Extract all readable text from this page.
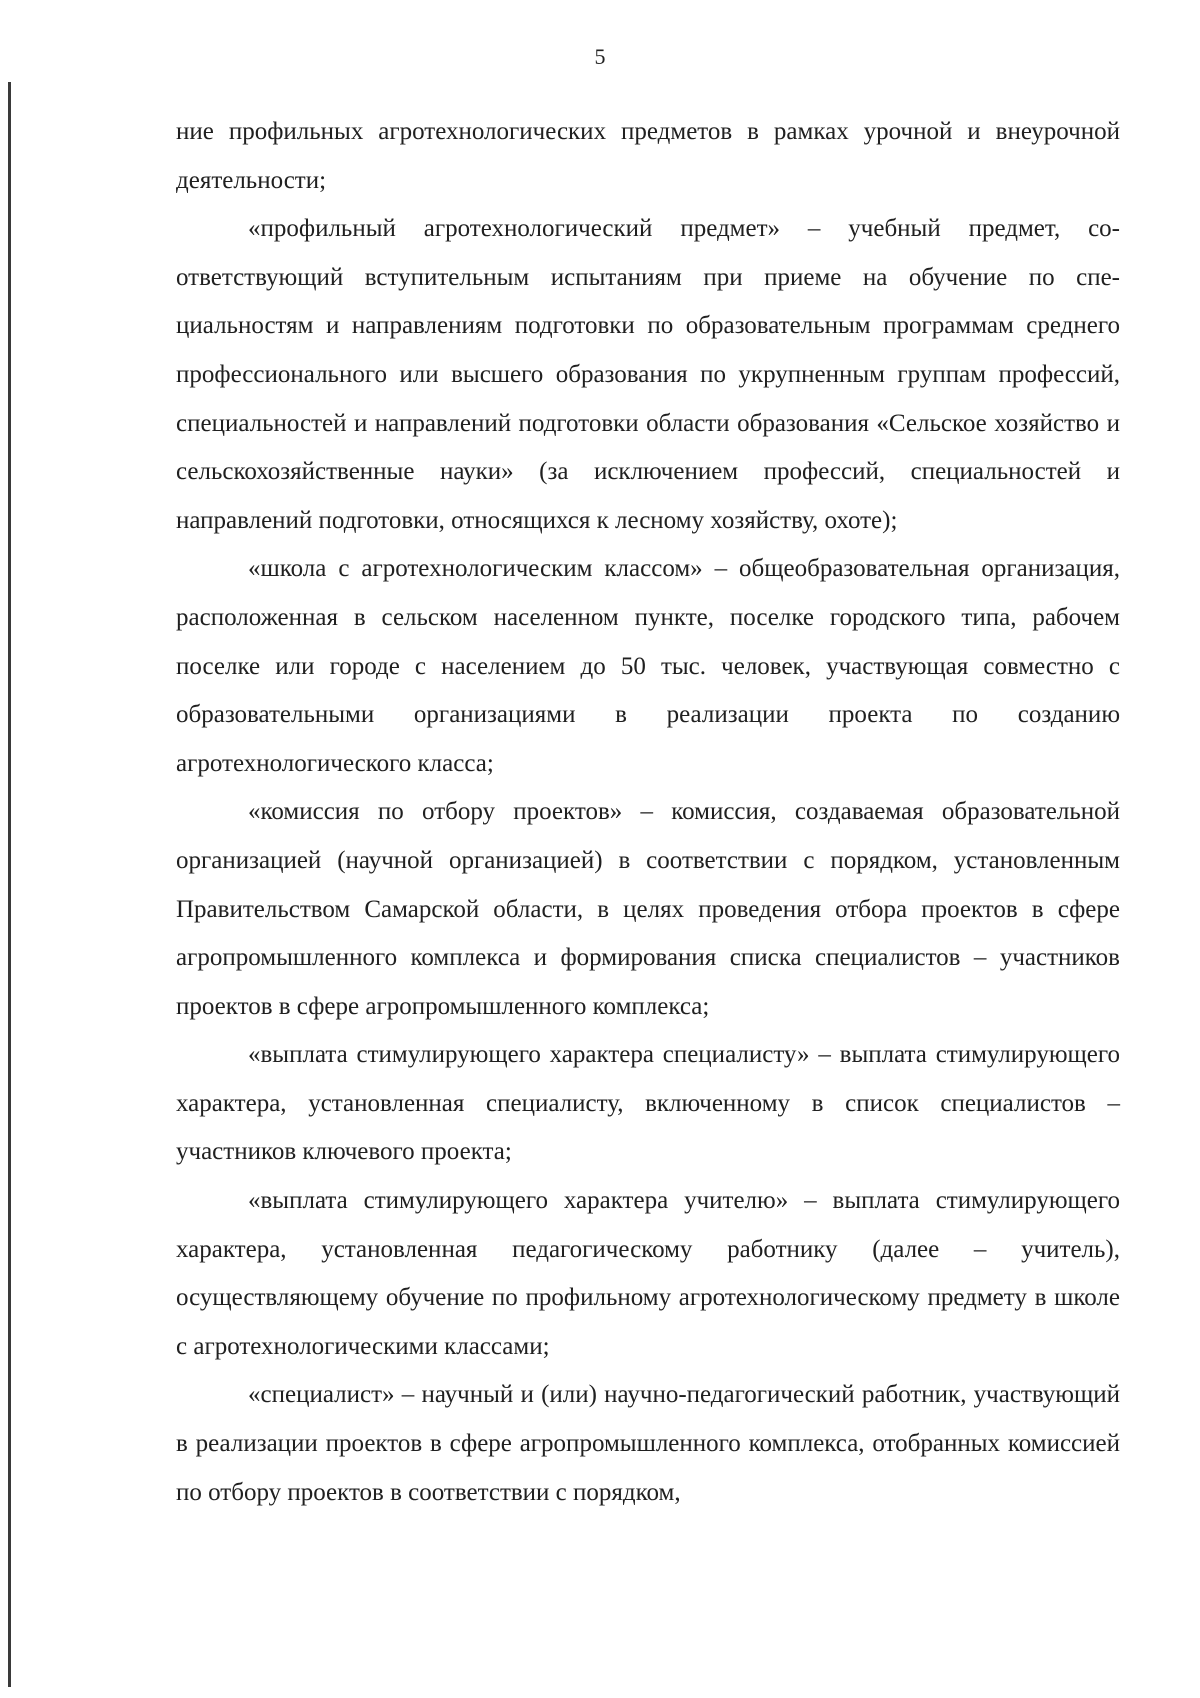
5

ние профильных агротехнологических предметов в рамках урочной и внеурочной деятельности;

«профильный агротехнологический предмет» – учебный предмет, соответствующий вступительным испытаниям при приеме на обучение по специальностям и направлениям подготовки по образовательным программам среднего профессионального или высшего образования по укрупненным группам профессий, специальностей и направлений подготовки области образования «Сельское хозяйство и сельскохозяйственные науки» (за исключением профессий, специальностей и направлений подготовки, относящихся к лесному хозяйству, охоте);

«школа с агротехнологическим классом» – общеобразовательная организация, расположенная в сельском населенном пункте, поселке городского типа, рабочем поселке или городе с населением до 50 тыс. человек, участвующая совместно с образовательными организациями в реализации проекта по созданию агротехнологического класса;

«комиссия по отбору проектов» – комиссия, создаваемая образовательной организацией (научной организацией) в соответствии с порядком, установленным Правительством Самарской области, в целях проведения отбора проектов в сфере агропромышленного комплекса и формирования списка специалистов – участников проектов в сфере агропромышленного комплекса;

«выплата стимулирующего характера специалисту» – выплата стимулирующего характера, установленная специалисту, включенному в список специалистов – участников ключевого проекта;

«выплата стимулирующего характера учителю» – выплата стимулирующего характера, установленная педагогическому работнику (далее – учитель), осуществляющему обучение по профильному агротехнологическому предмету в школе с агротехнологическими классами;

«специалист» – научный и (или) научно-педагогический работник, участвующий в реализации проектов в сфере агропромышленного комплекса, отобранных комиссией по отбору проектов в соответствии с порядком,
